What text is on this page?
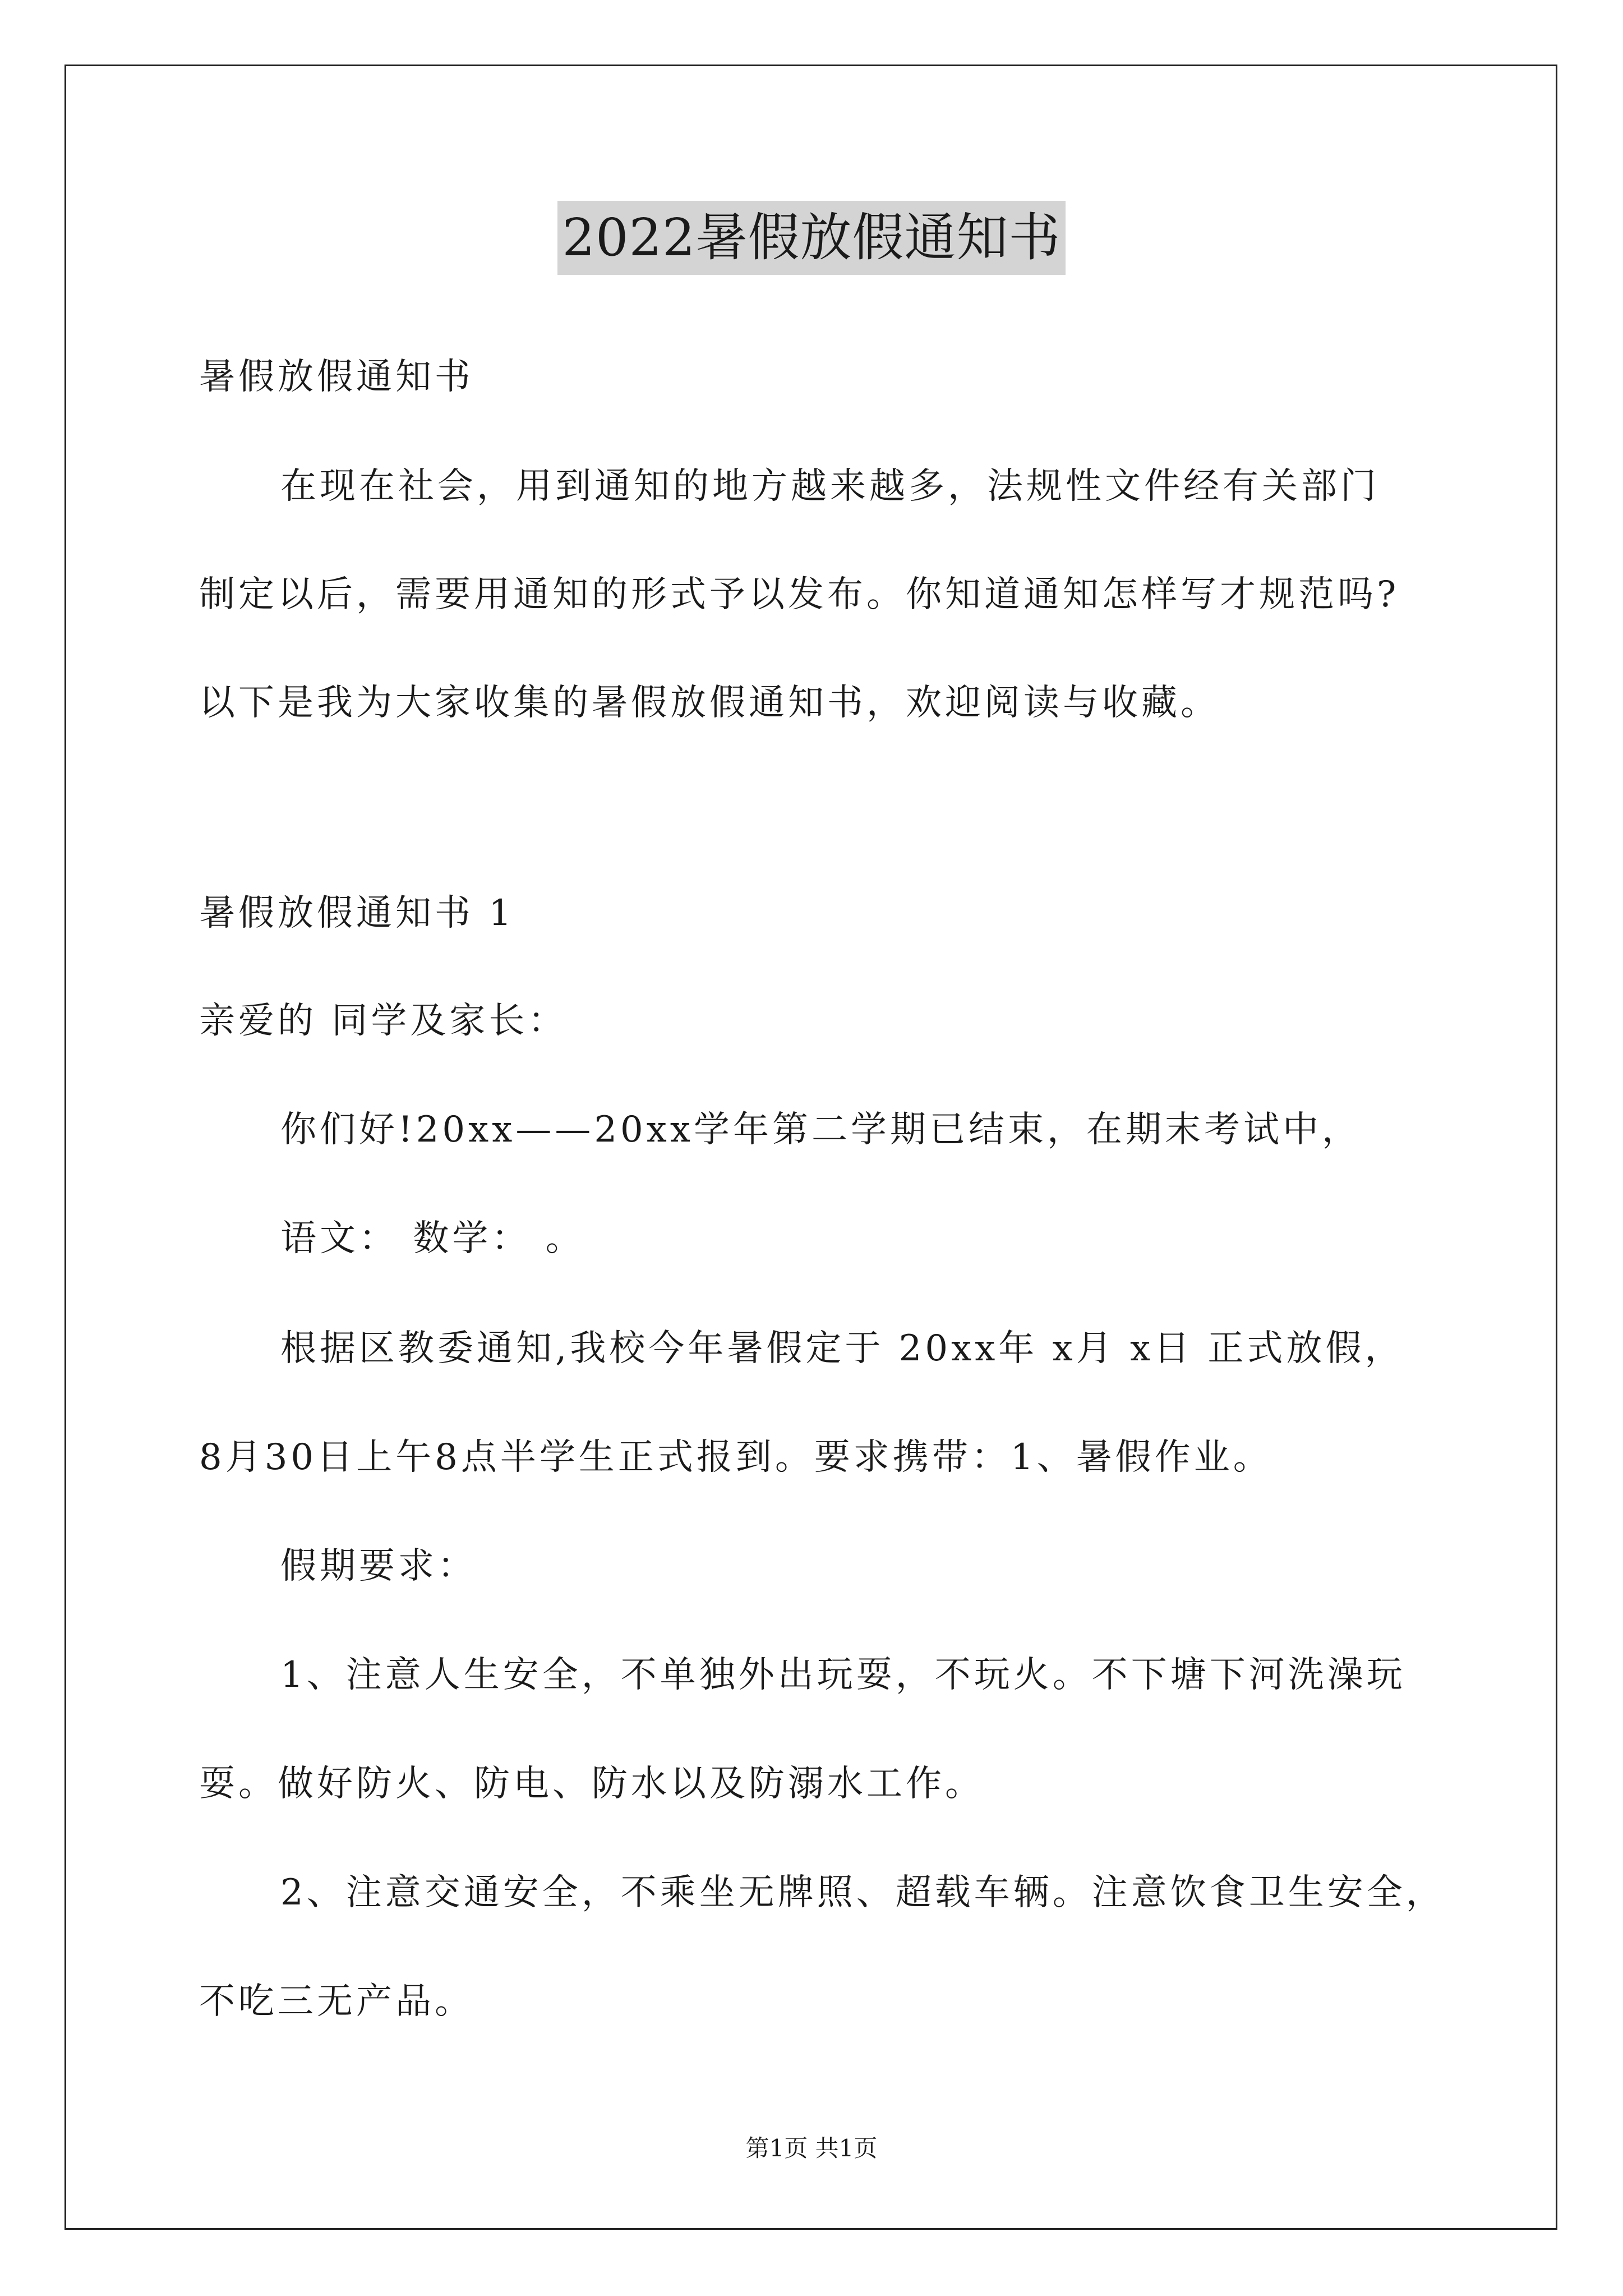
2022暑假放假通知书
暑假放假通知书
在现在社会，用到通知的地方越来越多，法规性文件经有关部门
制定以后，需要用通知的形式予以发布。你知道通知怎样写才规范吗?
以下是我为大家收集的暑假放假通知书，欢迎阅读与收藏。
暑假放假通知书 1
亲爱的 同学及家长：
你们好!20xx——20xx学年第二学期已结束，在期末考试中，
语文： 数学： 。
根据区教委通知,我校今年暑假定于 20xx年 x月 x日 正式放假，
8月30日上午8点半学生正式报到。要求携带：1、暑假作业。
假期要求：
1、注意人生安全，不单独外出玩耍，不玩火。不下塘下河洗澡玩
耍。做好防火、防电、防水以及防溺水工作。
2、注意交通安全，不乘坐无牌照、超载车辆。注意饮食卫生安全，
不吃三无产品。
第1页 共1页
